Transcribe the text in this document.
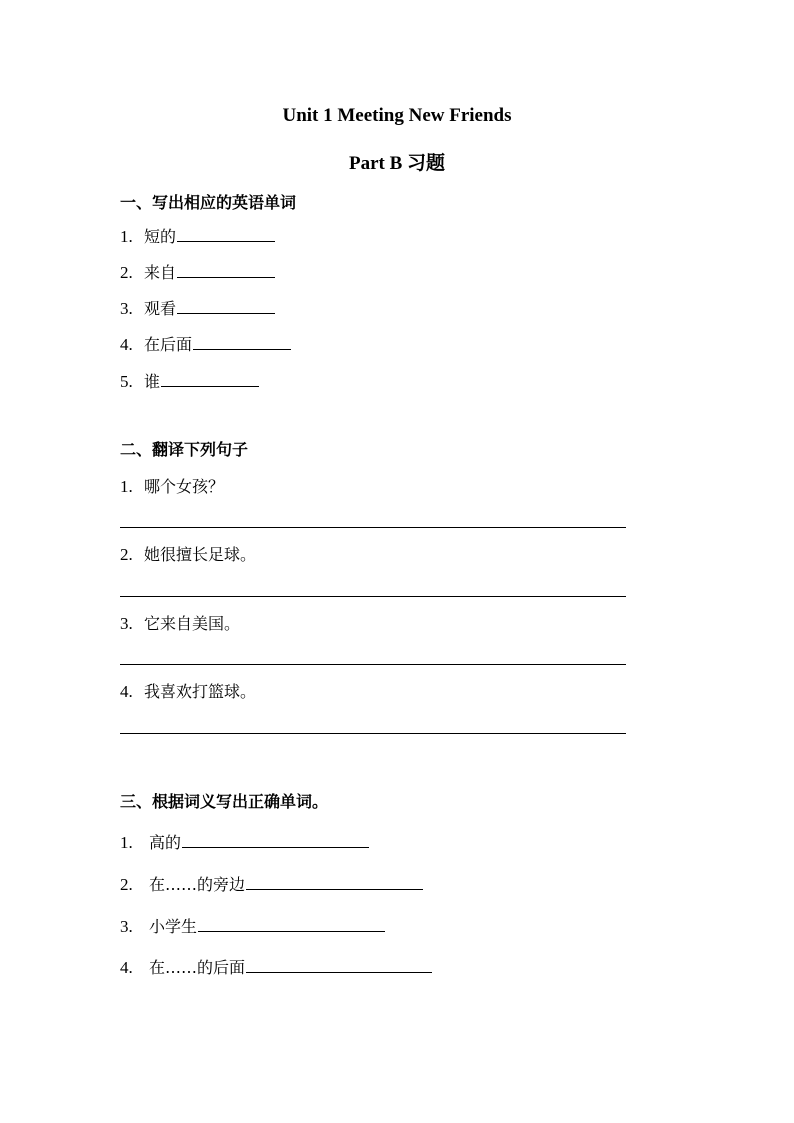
Unit 1 Meeting New Friends
Part B 习题
一、写出相应的英语单词
1. 短的
2. 来自
3. 观看
4. 在后面
5. 谁
二、翻译下列句子
1. 哪个女孩？
2. 她很擅长足球。
3. 它来自美国。
4. 我喜欢打篮球。
三、根据词义写出正确单词。
1. 高的
2. 在……的旁边
3. 小学生
4. 在……的后面
